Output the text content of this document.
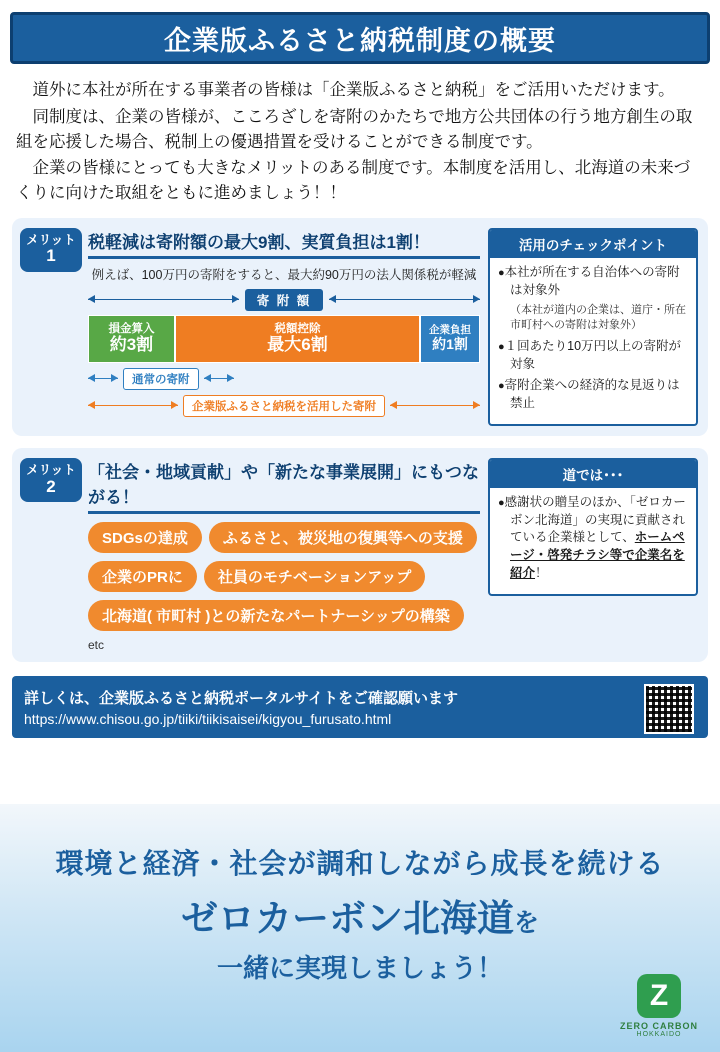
企業版ふるさと納税制度の概要

道外に本社が所在する事業者の皆様は「企業版ふるさと納税」をご活用いただけます。

同制度は、企業の皆様が、こころざしを寄附のかたちで地方公共団体の行う地方創生の取組を応援した場合、税制上の優遇措置を受けることができる制度です。

企業の皆様にとっても大きなメリットのある制度です。本制度を活用し、北海道の未来づくりに向けた取組をともに進めましょう！！

メリット
1
税軽減は寄附額の最大9割、実質負担は1割！
例えば、100万円の寄附をすると、最大約90万円の法人関係税が軽減
寄 附 額
損金算入
約3割
税額控除
最大6割
企業負担
約1割
通常の寄附
企業版ふるさと納税を活用した寄附
活用のチェックポイント
●本社が所在する自治体への寄附は対象外
（本社が道内の企業は、道庁・所在市町村への寄附は対象外）
●１回あたり10万円以上の寄附が対象
●寄附企業への経済的な見返りは禁止
メリット
2
「社会・地域貢献」や「新たな事業展開」にもつながる！
SDGsの達成	ふるさと、被災地の復興等への支援
企業のPRに	社員のモチベーションアップ
北海道( 市町村 )との新たなパートナーシップの構築
etc
道では･･･
●感謝状の贈呈のほか、「ゼロカーボン北海道」の実現に貢献されている企業様として、ホームページ・啓発チラシ等で企業名を紹介！
詳しくは、企業版ふるさと納税ポータルサイトをご確認願います
https://www.chisou.go.jp/tiiki/tiikisaisei/kigyou_furusato.html
環境と経済・社会が調和しながら成長を続ける
ゼロカーボン北海道を
一緒に実現しましょう！
Z
ZERO CARBON
HOKKAIDO
